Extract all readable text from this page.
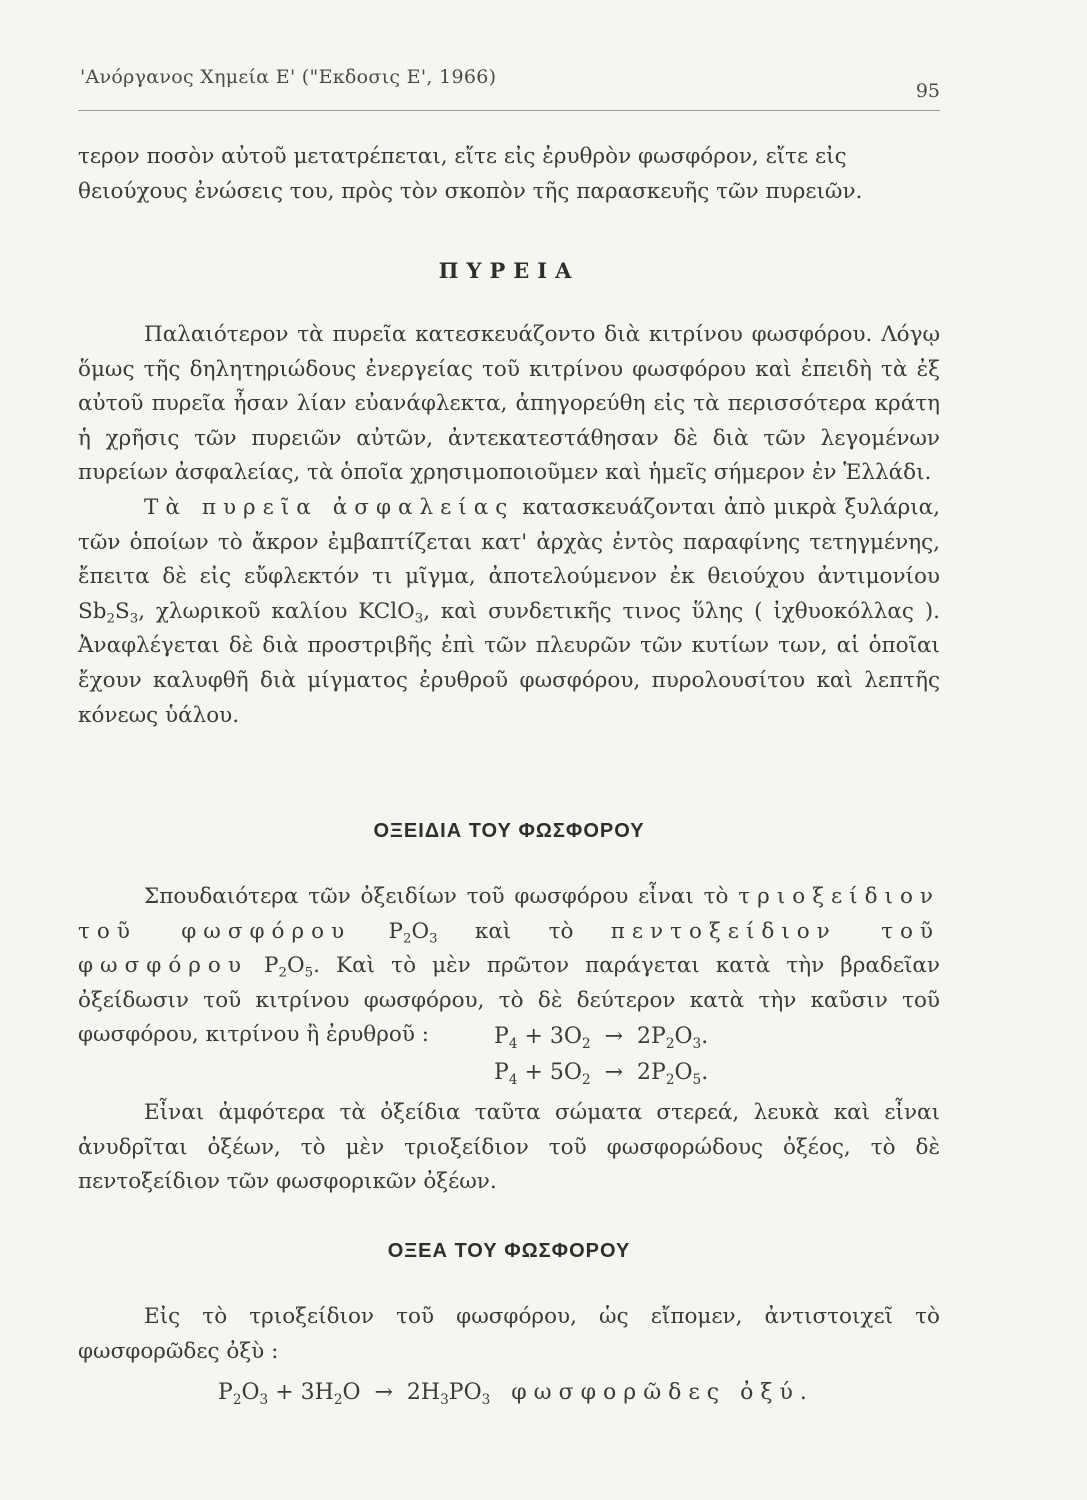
'Ανόργανος Χημεία Ε' ("Εκδοσις Ε', 1966)
95

τερον ποσὸν αὐτοῦ μετατρέπεται, εἴτε εἰς ἐρυθρὸν φωσφόρον, εἴτε εἰς

θειούχους ἐνώσεις του, πρὸς τὸν σκοπὸν τῆς παρασκευῆς τῶν πυρειῶν.

ΠΥΡΕΙΑ

Παλαιότερον τὰ πυρεῖα κατεσκευάζοντο διὰ κιτρίνου φωσφόρου. Λόγῳ ὅμως τῆς δηλητηριώδους ἐνεργείας τοῦ κιτρίνου φωσφόρου καὶ ἐπειδὴ τὰ ἐξ αὐτοῦ πυρεῖα ἦσαν λίαν εὐανάφλεκτα, ἀπηγορεύθη εἰς τὰ περισσότερα κράτη ἡ χρῆσις τῶν πυρειῶν αὐτῶν, ἀντεκατεστάθησαν δὲ διὰ τῶν λεγομένων πυρείων ἀσφαλείας, τὰ ὁποῖα χρησιμοποιοῦμεν καὶ ἡμεῖς σήμερον ἐν Ἑλλάδι.

Τὰ πυρεῖα ἀσφαλείας κατασκευάζονται ἀπὸ μικρὰ ξυλάρια, τῶν ὁποίων τὸ ἄκρον ἐμβαπτίζεται κατ' ἀρχὰς ἐντὸς παραφίνης τετηγμένης, ἔπειτα δὲ εἰς εὔφλεκτόν τι μῖγμα, ἀποτελούμενον ἐκ θειούχου ἀντιμονίου $Sb_2S_3$, χλωρικοῦ καλίου KClO$_3$, καὶ συνδετικῆς τινος ὕλης ( ἰχθυοκόλλας ). Ἀναφλέγεται δὲ διὰ προστριβῆς ἐπὶ τῶν πλευρῶν τῶν κυτίων των, αἱ ὁποῖαι ἔχουν καλυφθῆ διὰ μίγματος ἐρυθροῦ φωσφόρου, πυρολουσίτου καὶ λεπτῆς κόνεως ὑάλου.

ΟΞΕΙΔΙΑ ΤΟΥ ΦΩΣΦΟΡΟΥ

Σπουδαιότερα τῶν ὀξειδίων τοῦ φωσφόρου εἶναι τὸ τριοξείδιον τοῦ φωσφόρου $P_2O_3$ καὶ τὸ πεντοξείδιον τοῦ φωσφόρου $P_2O_5$. Καὶ τὸ μὲν πρῶτον παράγεται κατὰ τὴν βραδεῖαν ὀξείδωσιν τοῦ κιτρίνου φωσφόρου, τὸ δὲ δεύτερον κατὰ τὴν καῦσιν τοῦ φωσφόρου, κιτρίνου ἢ ἐρυθροῦ :	$P_4 + 3O_2 \to 2P_2O_3$.
$P_4 + 5O_2 \to 2P_2O_5$.

Εἶναι ἀμφότερα τὰ ὀξείδια ταῦτα σώματα στερεά, λευκὰ καὶ εἶναι ἀνυδρῖται ὀξέων, τὸ μὲν τριοξείδιον τοῦ φωσφορώδους ὀξέος, τὸ δὲ πεντοξείδιον τῶν φωσφορικῶν ὀξέων.

ΟΞΕΑ ΤΟΥ ΦΩΣΦΟΡΟΥ

Εἰς τὸ τριοξείδιον τοῦ φωσφόρου, ὡς εἴπομεν, ἀντιστοιχεῖ τὸ φωσφορῶδες ὀξὺ :

$P_2O_3 + 3H_2O \to 2H_3PO_3$ φωσφορῶδες ὀξύ.
